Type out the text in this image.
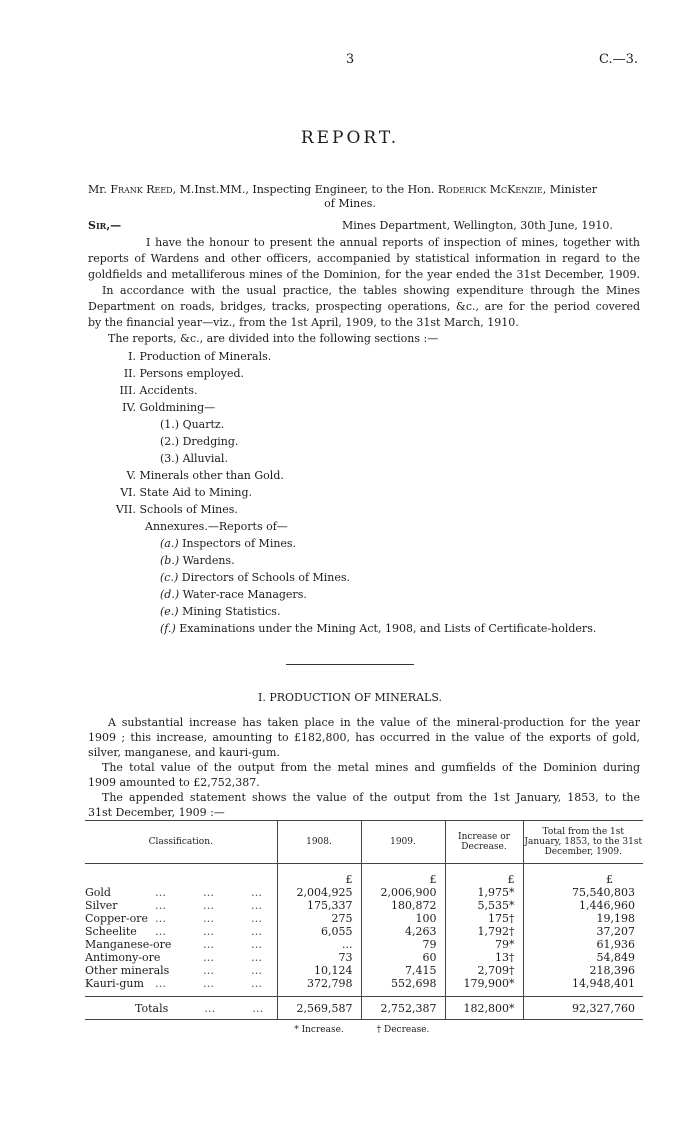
3	C.—3.
REPORT.
Mr. Frank Reed, M.Inst.MM., Inspecting Engineer, to the Hon. Roderick McKenzie, Minister
of Mines.
Sir,—	Mines Department, Wellington, 30th June, 1910.
I have the honour to present the annual reports of inspection of mines, together with
reports of Wardens and other officers, accompanied by statistical information in regard to the
goldfields and metalliferous mines of the Dominion, for the year ended the 31st December, 1909.
In accordance with the usual practice, the tables showing expenditure through the Mines
Department on roads, bridges, tracks, prospecting operations, &c., are for the period covered
by the financial year—viz., from the 1st April, 1909, to the 31st March, 1910.
The reports, &c., are divided into the following sections :—
I. Production of Minerals.
II. Persons employed.
III. Accidents.
IV. Goldmining—
(1.) Quartz.
(2.) Dredging.
(3.) Alluvial.
V. Minerals other than Gold.
VI. State Aid to Mining.
VII. Schools of Mines.
Annexures.—Reports of—
(a.) Inspectors of Mines.
(b.) Wardens.
(c.) Directors of Schools of Mines.
(d.) Water-race Managers.
(e.) Mining Statistics.
(f.) Examinations under the Mining Act, 1908, and Lists of Certificate-holders.
I. PRODUCTION OF MINERALS.
A substantial increase has taken place in the value of the mineral-production for the year
1909 ; this increase, amounting to £182,800, has occurred in the value of the exports of gold,
silver, manganese, and kauri-gum.
The total value of the output from the metal mines and gumfields of the Dominion during
1909 amounted to £2,752,387.
The appended statement shows the value of the output from the 1st January, 1853, to the
31st December, 1909 :—
Classification.	1908.	1909.	Increase or Decrease.	Total from the 1st January, 1853, to the 31st December, 1909.
	£	£	£	£
Gold …        …        …	2,004,925	2,006,900	1,975*	75,540,803
Silver …        …        …	175,337	180,872	5,535*	1,446,960
Copper-ore …        …        …	275	100	175†	19,198
Scheelite …        …        …	6,055	4,263	1,792†	37,207
Manganese-ore …        …	...	79	79*	61,936
Antimony-ore …        …	73	60	13†	54,849
Other minerals …        …	10,124	7,415	2,709†	218,396
Kauri-gum …        …        …	372,798	552,698	179,900*	14,948,401
Totals …        …	2,569,587	2,752,387	182,800*	92,327,760
	* Increase.	† Decrease.		
